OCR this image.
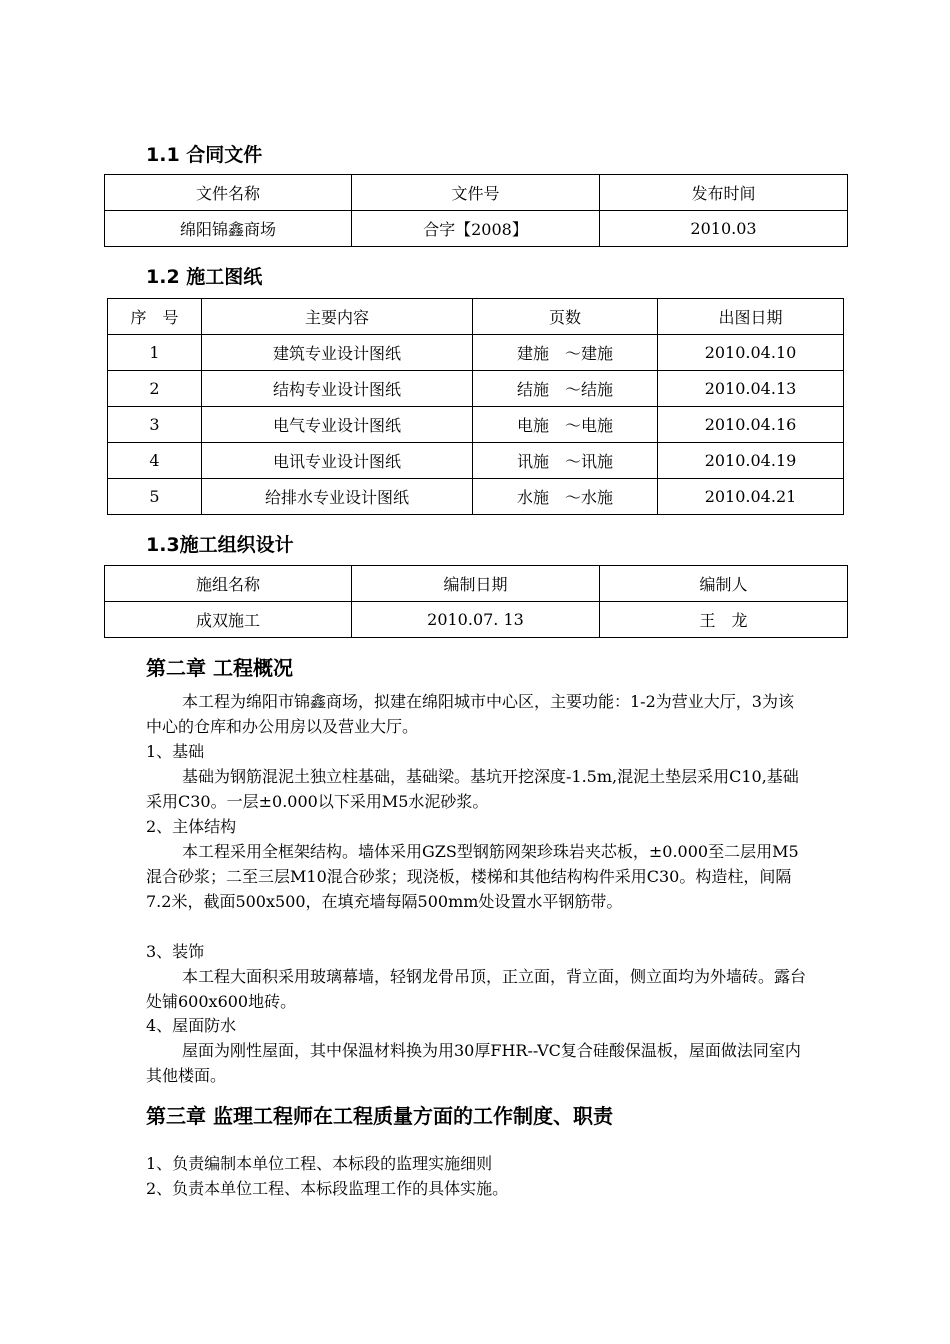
1.1 合同文件
文件名称	文件号	发布时间
绵阳锦鑫商场	合字【2008】	2010.03
1.2 施工图纸
序　号	主要内容	页数	出图日期
1	建筑专业设计图纸	建施　～建施	2010.04.10
2	结构专业设计图纸	结施　～结施	2010.04.13
3	电气专业设计图纸	电施　～电施	2010.04.16
4	电讯专业设计图纸	讯施　～讯施	2010.04.19
5	给排水专业设计图纸	水施　～水施	2010.04.21
1.3施工组织设计
施组名称	编制日期	编制人
成双施工	2010.07. 13	王　龙
第二章 工程概况
本工程为绵阳市锦鑫商场，拟建在绵阳城市中心区，主要功能：1-2为营业大厅，3为该中心的仓库和办公用房以及营业大厅。
1、基础
基础为钢筋混泥土独立柱基础，基础梁。基坑开挖深度-1.5m,混泥土垫层采用C10,基础采用C30。一层±0.000以下采用M5水泥砂浆。
2、主体结构
本工程采用全框架结构。墙体采用GZS型钢筋网架珍珠岩夹芯板，±0.000至二层用M5混合砂浆；二至三层M10混合砂浆；现浇板，楼梯和其他结构构件采用C30。构造柱，间隔7.2米，截面500x500，在填充墙每隔500mm处设置水平钢筋带。
3、装饰
本工程大面积采用玻璃幕墙，轻钢龙骨吊顶，正立面，背立面，侧立面均为外墙砖。露台处铺600x600地砖。
4、屋面防水
屋面为刚性屋面，其中保温材料换为用30厚FHR--VC复合硅酸保温板，屋面做法同室内其他楼面。
第三章 监理工程师在工程质量方面的工作制度、职责
1、负责编制本单位工程、本标段的监理实施细则
2、负责本单位工程、本标段监理工作的具体实施。
